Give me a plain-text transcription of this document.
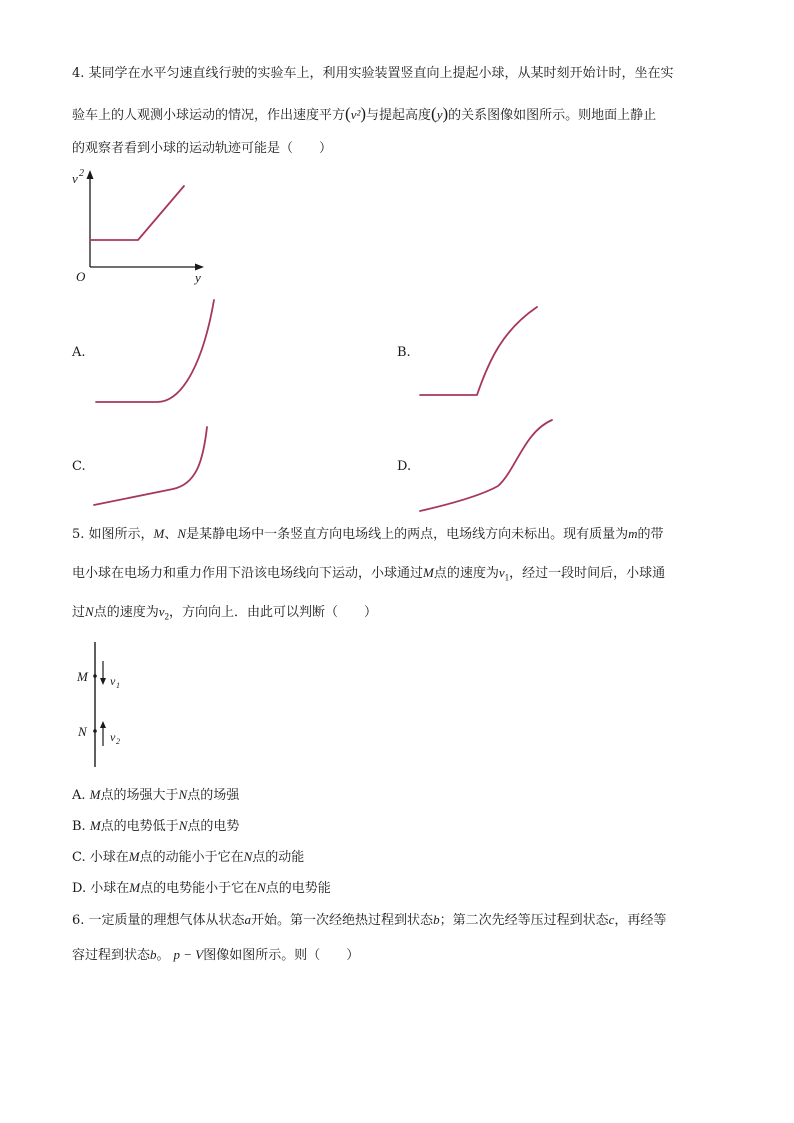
4. 某同学在水平匀速直线行驶的实验车上，利用实验装置竖直向上提起小球，从某时刻开始计时，坐在实
验车上的人观测小球运动的情况，作出速度平方(v²)与提起高度(y)的关系图像如图所示。则地面上静止
的观察者看到小球的运动轨迹可能是（　　）
v 2
O	y
A.	B.
C.	D.
5. 如图所示，M、N是某静电场中一条竖直方向电场线上的两点，电场线方向未标出。现有质量为m的带
电小球在电场力和重力作用下沿该电场线向下运动，小球通过M点的速度为$v_1$，经过一段时间后，小球通
过N点的速度为$v_2$，方向向上．由此可以判断（　　）
M
N
v 1
v 2
A. M点的场强大于N点的场强
B. M点的电势低于N点的电势
C. 小球在M点的动能小于它在N点的动能
D. 小球在M点的电势能小于它在N点的电势能
6. 一定质量的理想气体从状态a开始。第一次经绝热过程到状态b；第二次先经等压过程到状态c，再经等
容过程到状态b。 p − V图像如图所示。则（　　）
